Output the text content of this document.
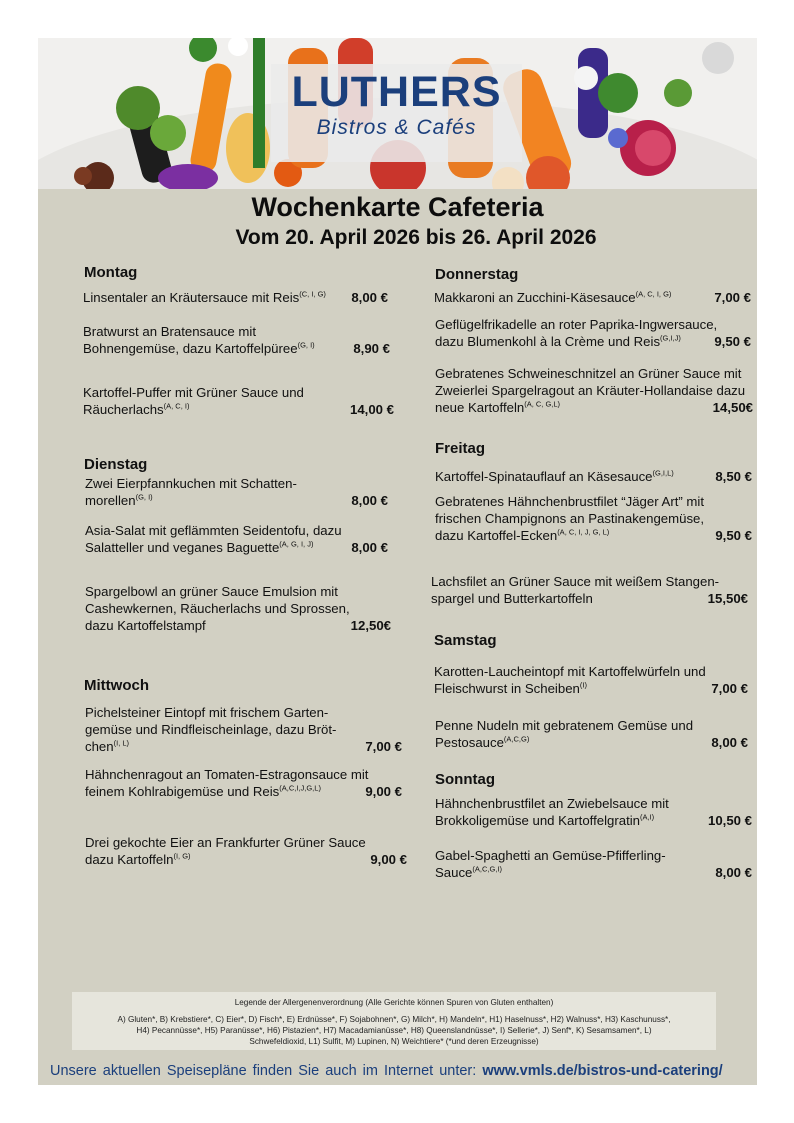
LUTHERS
Bistros & Cafés
Wochenkarte Cafeteria
Vom 20. April 2026 bis 26. April 2026
Montag
Linsentaler an Kräutersauce mit Reis$^{(C, I, G)}$	8,00 €
Bratwurst an Bratensauce mit Bohnengemüse, dazu Kartoffelpüree$^{(G, I)}$	8,90 €
Kartoffel-Puffer mit Grüner Sauce und Räucherlachs$^{(A, C, I)}$	14,00 €
Dienstag
Zwei Eierpfannkuchen mit Schatten-morellen$^{(G, I)}$	8,00 €
Asia-Salat mit geflämmten Seidentofu, dazu Salatteller und veganes Baguette$^{(A, G, I, J)}$	8,00 €
Spargelbowl an grüner Sauce Emulsion mit Cashewkernen, Räucherlachs und Sprossen, dazu Kartoffelstampf	12,50€
Mittwoch
Pichelsteiner Eintopf mit frischem Garten-gemüse und Rindfleischeinlage, dazu Bröt-chen$^{(I, L)}$	7,00 €
Hähnchenragout an Tomaten-Estragonsauce mit feinem Kohlrabigemüse und Reis$^{(A,C,I,J,G,L)}$	9,00 €
Drei gekochte Eier an Frankfurter Grüner Sauce dazu Kartoffeln$^{(I, G)}$	9,00 €
Donnerstag
Makkaroni an Zucchini-Käsesauce$^{(A, C, I, G)}$	7,00 €
Geflügelfrikadelle an roter Paprika-Ingwersauce, dazu Blumenkohl à la Crème und Reis$^{(G,I,J)}$	9,50 €
Gebratenes Schweineschnitzel an Grüner Sauce mit Zweierlei Spargelragout an Kräuter-Hollandaise dazu neue Kartoffeln$^{(A, C, G,L)}$	14,50€
Freitag
Kartoffel-Spinatauflauf an Käsesauce$^{(G,I,L)}$	8,50 €
Gebratenes Hähnchenbrustfilet “Jäger Art” mit frischen Champignons an Pastinakengemüse, dazu Kartoffel-Ecken$^{(A, C, I, J, G, L)}$	9,50 €
Lachsfilet an Grüner Sauce mit weißem Stangen-spargel und Butterkartoffeln	15,50€
Samstag
Karotten-Laucheintopf mit Kartoffelwürfeln und Fleischwurst in Scheiben$^{(I)}$	7,00 €
Penne Nudeln mit gebratenem Gemüse und Pestosauce$^{(A,C,G)}$	8,00 €
Sonntag
Hähnchenbrustfilet an Zwiebelsauce mit Brokkoligemüse und Kartoffelgratin$^{(A,I)}$	10,50 €
Gabel-Spaghetti an Gemüse-Pfifferling-Sauce$^{(A,C,G,I)}$	8,00 €
Legende der Allergenenverordnung (Alle Gerichte können Spuren von Gluten enthalten)
A) Gluten*, B) Krebstiere*, C) Eier*, D) Fisch*, E) Erdnüsse*, F) Sojabohnen*, G) Milch*, H) Mandeln*, H1) Haselnuss*, H2) Walnuss*, H3) Kaschunuss*, H4) Pecannüsse*, H5) Paranüsse*, H6) Pistazien*, H7) Macadamianüsse*, H8) Queenslandnüsse*, I) Sellerie*, J) Senf*, K) Sesamsamen*, L) Schwefeldioxid, L1) Sulfit, M) Lupinen, N) Weichtiere* (*und deren Erzeugnisse)
Unsere aktuellen Speisepläne finden Sie auch im Internet unter: www.vmls.de/bistros-und-catering/
